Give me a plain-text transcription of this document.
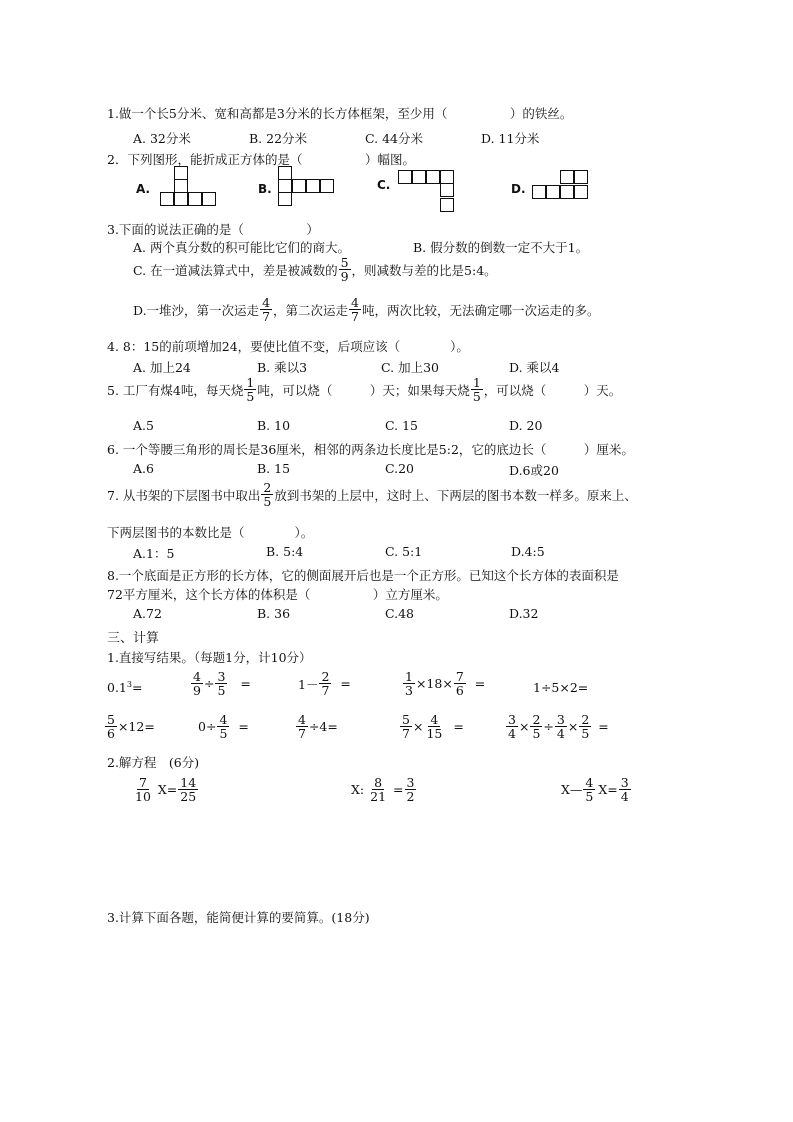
1.做一个长5分米、宽和高都是3分米的长方体框架，至少用（　　　　　）的铁丝。
A. 32分米	B. 22分米	C. 44分米	D. 11分米
2．下列图形，能折成正方体的是（　　　　　）幅图。
A.	B.	C.	D.
3.下面的说法正确的是（　　　　　）
A. 两个真分数的积可能比它们的商大。	B. 假分数的倒数一定不大于1。
C. 在一道减法算式中，差是被减数的 $\frac{5}{9}$ ，则减数与差的比是5:4。
D.一堆沙，第一次运走 $\frac{4}{7}$ ，第二次运走 $\frac{4}{7}$ 吨，两次比较，无法确定哪一次运走的多。
4. 8：15的前项增加24，要使比值不变，后项应该（　　　　）。
A. 加上24	B. 乘以3	C. 加上30	D. 乘以4
5. 工厂有煤4吨，每天烧 $\frac{1}{5}$ 吨，可以烧（　　　）天；如果每天烧 $\frac{1}{5}$ ，可以烧（　　　）天。
A.5	B. 10	C. 15	D. 20
6. 一个等腰三角形的周长是36厘米，相邻的两条边长度比是5:2，它的底边长（　　　）厘米。
A.6	B. 15	C.20	D.6或20
7. 从书架的下层图书中取出 $\frac{2}{5}$ 放到书架的上层中，这时上、下两层的图书本数一样多。原来上、
下两层图书的本数比是（　　　　）。
A.1：5	B. 5:4	C. 5:1	D.4:5
8.一个底面是正方形的长方体，它的侧面展开后也是一个正方形。已知这个长方体的表面积是
72平方厘米，这个长方体的体积是（　　　　　）立方厘米。
A.72	B. 36	C.48	D.32
三、计算
1.直接写结果。（每题1分，计10分）
$0.1^3=$	$\frac{4}{9} \div \frac{3}{5}$ =	$1- \frac{2}{7}$ =	$\frac{1}{3} \times 18\times \frac{7}{6}$ =	1÷5×2=
$\frac{5}{6} \times 12=$	$0\div \frac{4}{5}$ =	$\frac{4}{7} \div 4=$	$\frac{5}{7} \times \frac{4}{15}$ =	$\frac{3}{4} \times \frac{2}{5} \div \frac{3}{4} \times \frac{2}{5}$ =
2.解方程　(6分)
$\frac{7}{10} X= \frac{14}{25}$	X: $\frac{8}{21} = \frac{3}{2}$	X— $\frac{4}{5} X= \frac{3}{4}$
3.计算下面各题，能简便计算的要简算。(18分)
